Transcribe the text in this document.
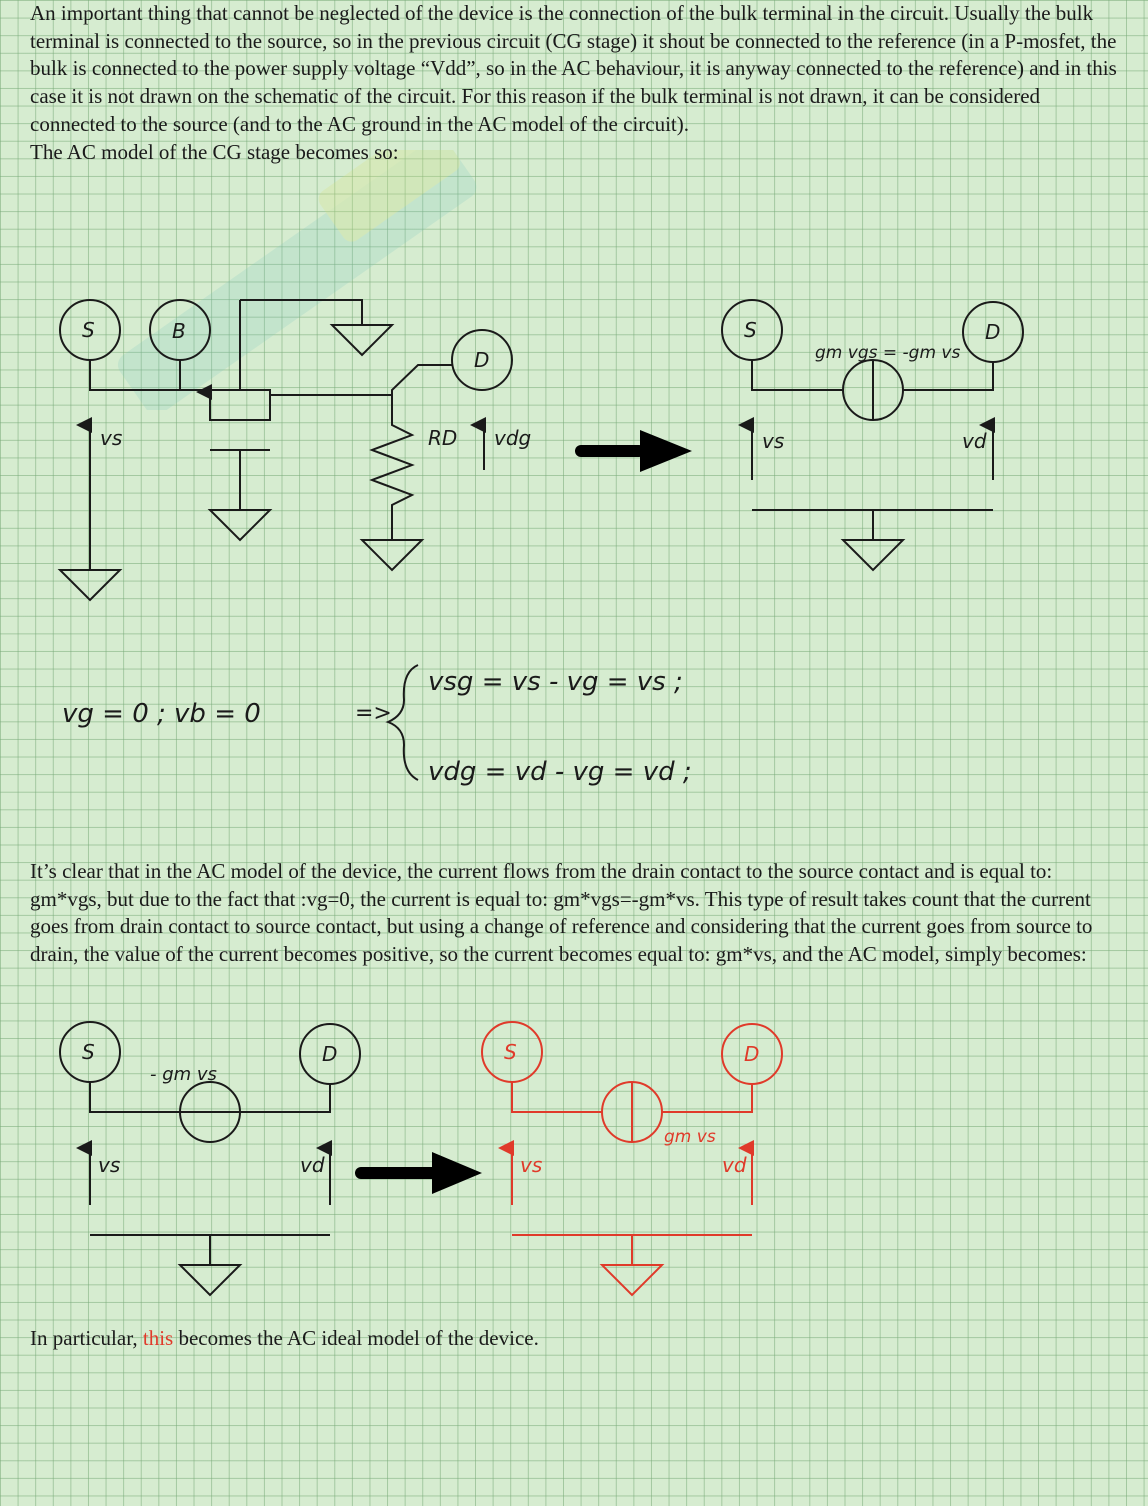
An important thing that cannot be neglected of the device is the connection of the bulk terminal in the circuit. Usually the bulk terminal is connected to the source, so in the previous circuit (CG stage) it shout be connected to the reference (in a P-mosfet, the bulk is connected to the power supply voltage “Vdd”, so in the AC behaviour, it is anyway connected to the reference) and in this case it is not drawn on the schematic of the circuit. For this reason if the bulk terminal is not drawn, it can be considered connected to the source (and to the AC ground in the AC model of the circuit).
The AC model of the CG stage becomes so:

S	B
D
vs	RD vdg
S	D
gm vgs = -gm vs
vs	vd
vg = 0 ; vb = 0	=>
vsg = vs - vg = vs ;
vdg = vd - vg = vd ;
S	D
- gm vs
vs	vd
S	D
gm vs
vs	vd

It’s clear that in the AC model of the device, the current flows from the drain contact to the source contact and is equal to: gm*vgs, but due to the fact that :vg=0, the current is equal to: gm*vgs=-gm*vs. This type of result takes count that the current goes from drain contact to source contact, but using a change of reference and considering that the current goes from source to drain, the value of the current becomes positive, so the current becomes equal to: gm*vs, and the AC model, simply becomes:

In particular, this becomes the AC ideal model of the device.
